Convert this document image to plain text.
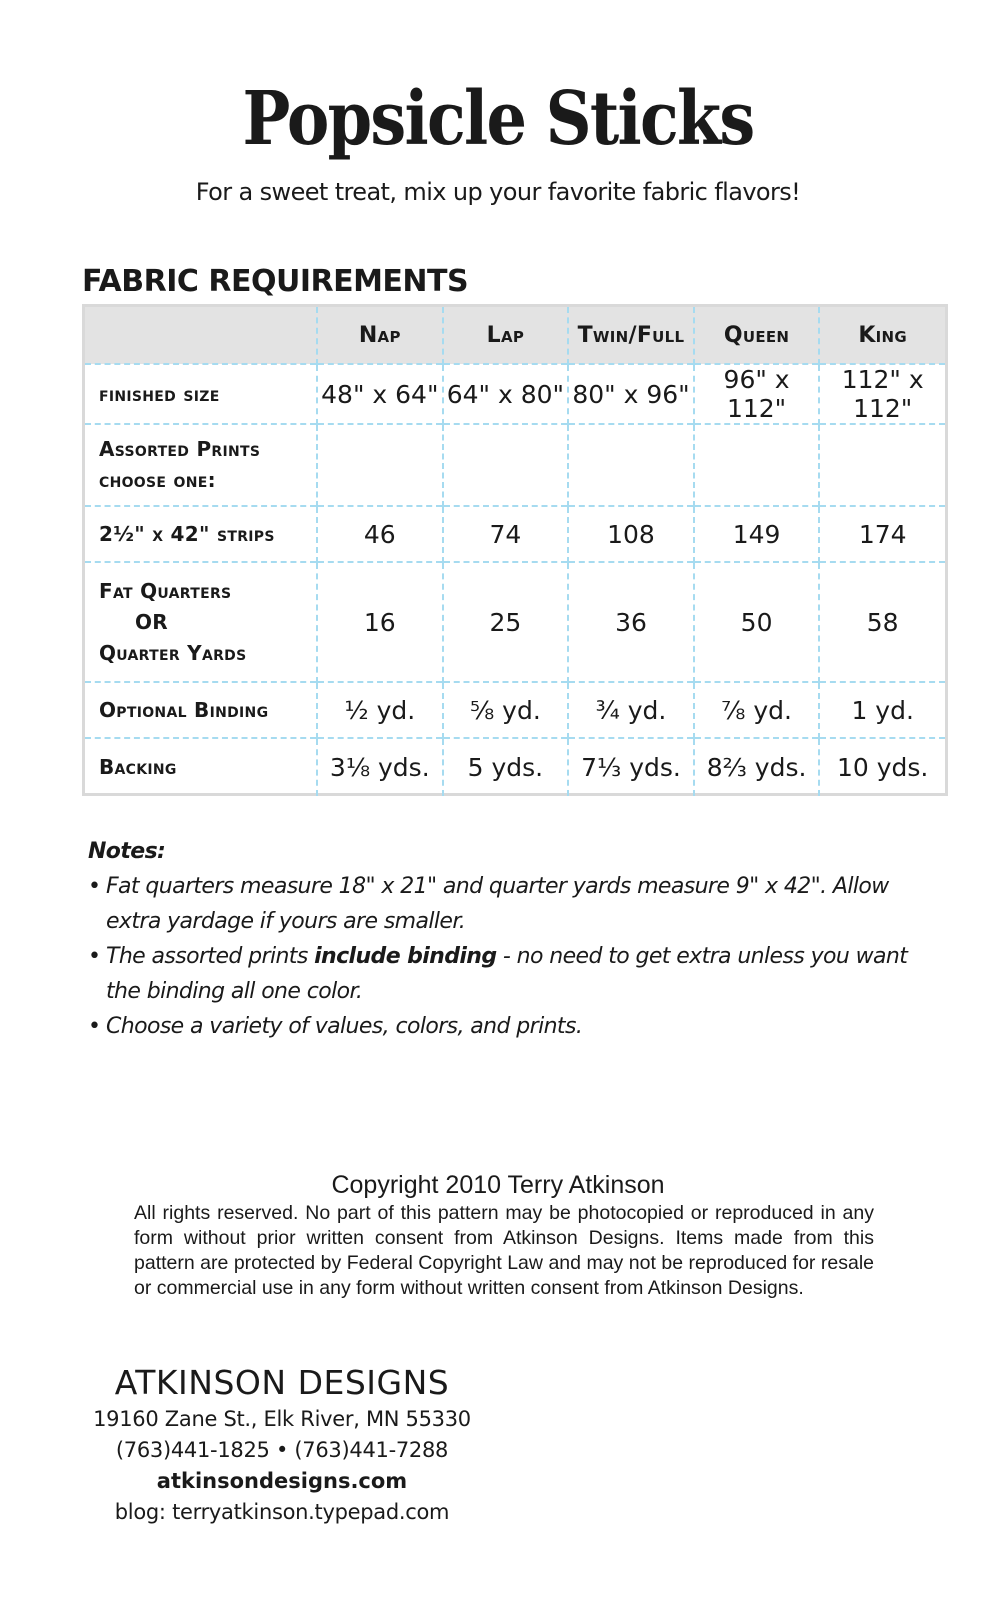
Popsicle Sticks
For a sweet treat, mix up your favorite fabric flavors!
FABRIC REQUIREMENTS
	Nap	Lap	Twin/Full	Queen	King
finished size	48" x 64"	64" x 80"	80" x 96"	96" x 112"	112" x 112"

Assorted Prints
choose one:					

2½" x 42" strips	46	74	108	149	174

Fat Quarters
OR
Quarter Yards	16	25	36	50	58
Optional Binding	½ yd.	⅝ yd.	¾ yd.	⅞ yd.	1 yd.
Backing	3⅛ yds.	5 yds.	7⅓ yds.	8⅔ yds.	10 yds.
Notes:
• Fat quarters measure 18" x 21" and quarter yards measure 9" x 42". Allow extra yardage if yours are smaller.
• The assorted prints include binding - no need to get extra unless you want the binding all one color.
• Choose a variety of values, colors, and prints.
Copyright 2010 Terry Atkinson
All rights reserved. No part of this pattern may be photocopied or reproduced in any form without prior written consent from Atkinson Designs. Items made from this pattern are protected by Federal Copyright Law and may not be reproduced for resale or commercial use in any form without written consent from Atkinson Designs.
ATKINSON DESIGNS
19160 Zane St., Elk River, MN 55330
(763)441-1825 • (763)441-7288
atkinsondesigns.com
blog: terryatkinson.typepad.com
